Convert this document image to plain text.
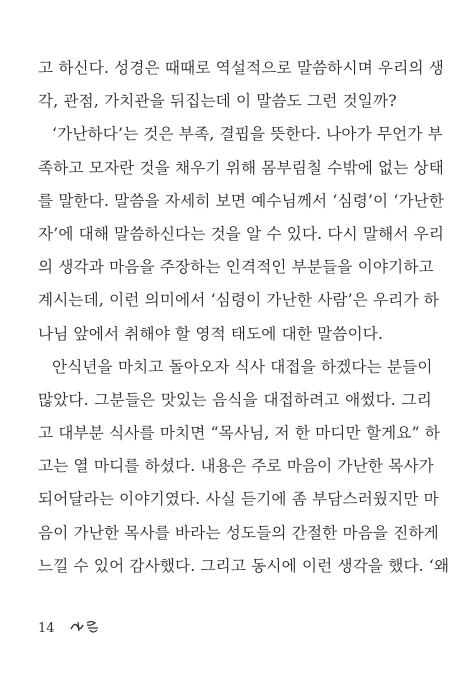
고 하신다. 성경은 때때로 역설적으로 말씀하시며 우리의 생
각, 관점, 가치관을 뒤집는데 이 말씀도 그런 것일까?
‘가난하다’는 것은 부족, 결핍을 뜻한다. 나아가 무언가 부
족하고 모자란 것을 채우기 위해 몸부림칠 수밖에 없는 상태
를 말한다. 말씀을 자세히 보면 예수님께서 ‘심령’이 ‘가난한
자’에 대해 말씀하신다는 것을 알 수 있다. 다시 말해서 우리
의 생각과 마음을 주장하는 인격적인 부분들을 이야기하고
계시는데, 이런 의미에서 ‘심령이 가난한 사람’은 우리가 하
나님 앞에서 취해야 할 영적 태도에 대한 말씀이다.
안식년을 마치고 돌아오자 식사 대접을 하겠다는 분들이
많았다. 그분들은 맛있는 음식을 대접하려고 애썼다. 그리
고 대부분 식사를 마치면 “목사님, 저 한 마디만 할게요” 하
고는 열 마디를 하셨다. 내용은 주로 마음이 가난한 목사가
되어달라는 이야기였다. 사실 듣기에 좀 부담스러웠지만 마
음이 가난한 목사를 바라는 성도들의 간절한 마음을 진하게
느낄 수 있어 감사했다. 그리고 동시에 이런 생각을 했다. ‘왜
14
